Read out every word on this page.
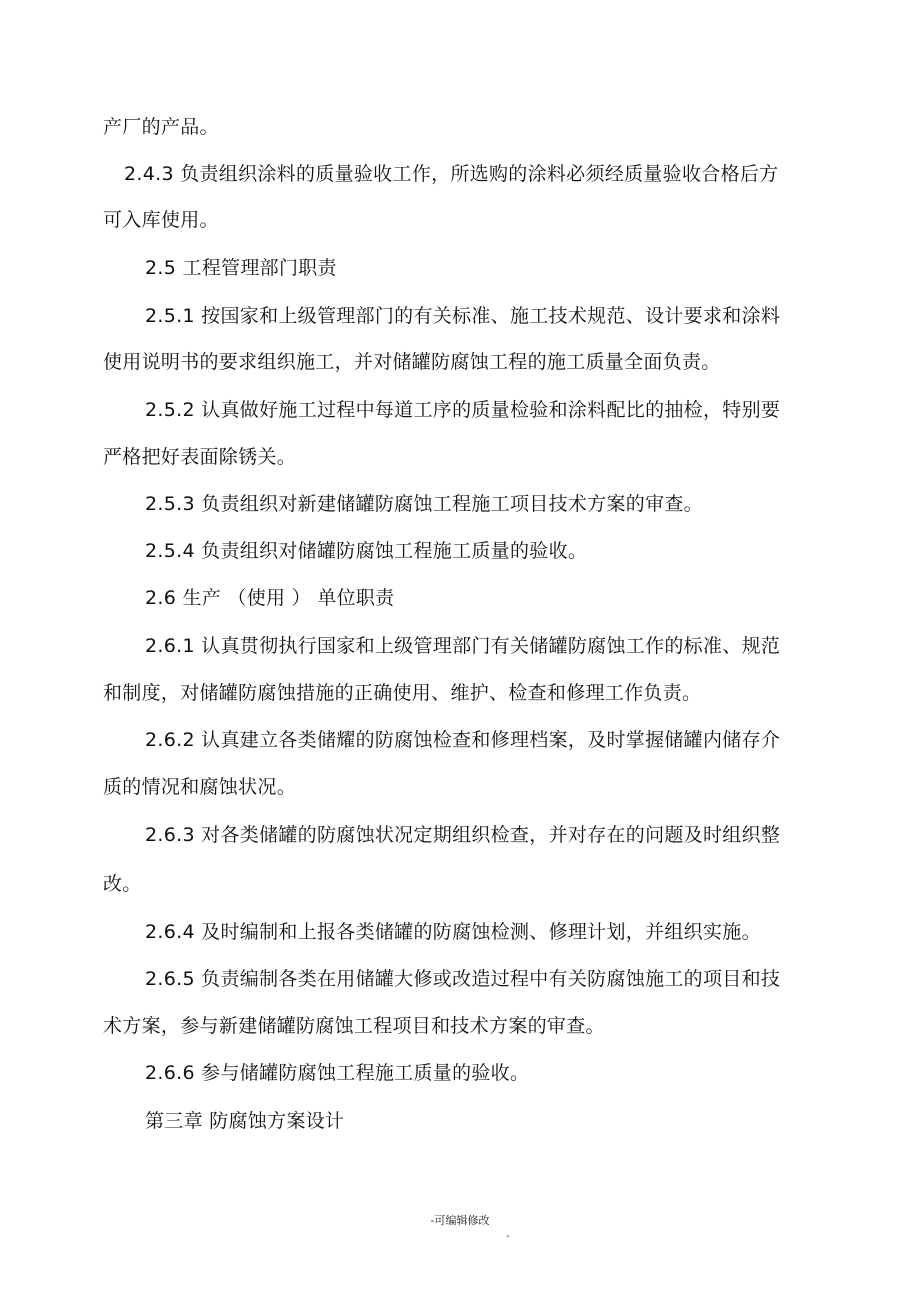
产厂的产品。
2.4.3 负责组织涂料的质量验收工作，所选购的涂料必须经质量验收合格后方
可入库使用。
2.5 工程管理部门职责
2.5.1 按国家和上级管理部门的有关标准、施工技术规范、设计要求和涂料
使用说明书的要求组织施工，并对储罐防腐蚀工程的施工质量全面负责。
2.5.2 认真做好施工过程中每道工序的质量检验和涂料配比的抽检，特别要
严格把好表面除锈关。
2.5.3 负责组织对新建储罐防腐蚀工程施工项目技术方案的审查。
2.5.4 负责组织对储罐防腐蚀工程施工质量的验收。
2.6 生产 （使用 ） 单位职责
2.6.1 认真贯彻执行国家和上级管理部门有关储罐防腐蚀工作的标准、规范
和制度，对储罐防腐蚀措施的正确使用、维护、检查和修理工作负责。
2.6.2 认真建立各类储耀的防腐蚀检查和修理档案，及时掌握储罐内储存介
质的情况和腐蚀状况。
2.6.3 对各类储罐的防腐蚀状况定期组织检查，并对存在的问题及时组织整
改。
2.6.4 及时编制和上报各类储罐的防腐蚀检测、修理计划，并组织实施。
2.6.5 负责编制各类在用储罐大修或改造过程中有关防腐蚀施工的项目和技
术方案，参与新建储罐防腐蚀工程项目和技术方案的审查。
2.6.6 参与储罐防腐蚀工程施工质量的验收。
第三章 防腐蚀方案设计
-可编辑修改
-
